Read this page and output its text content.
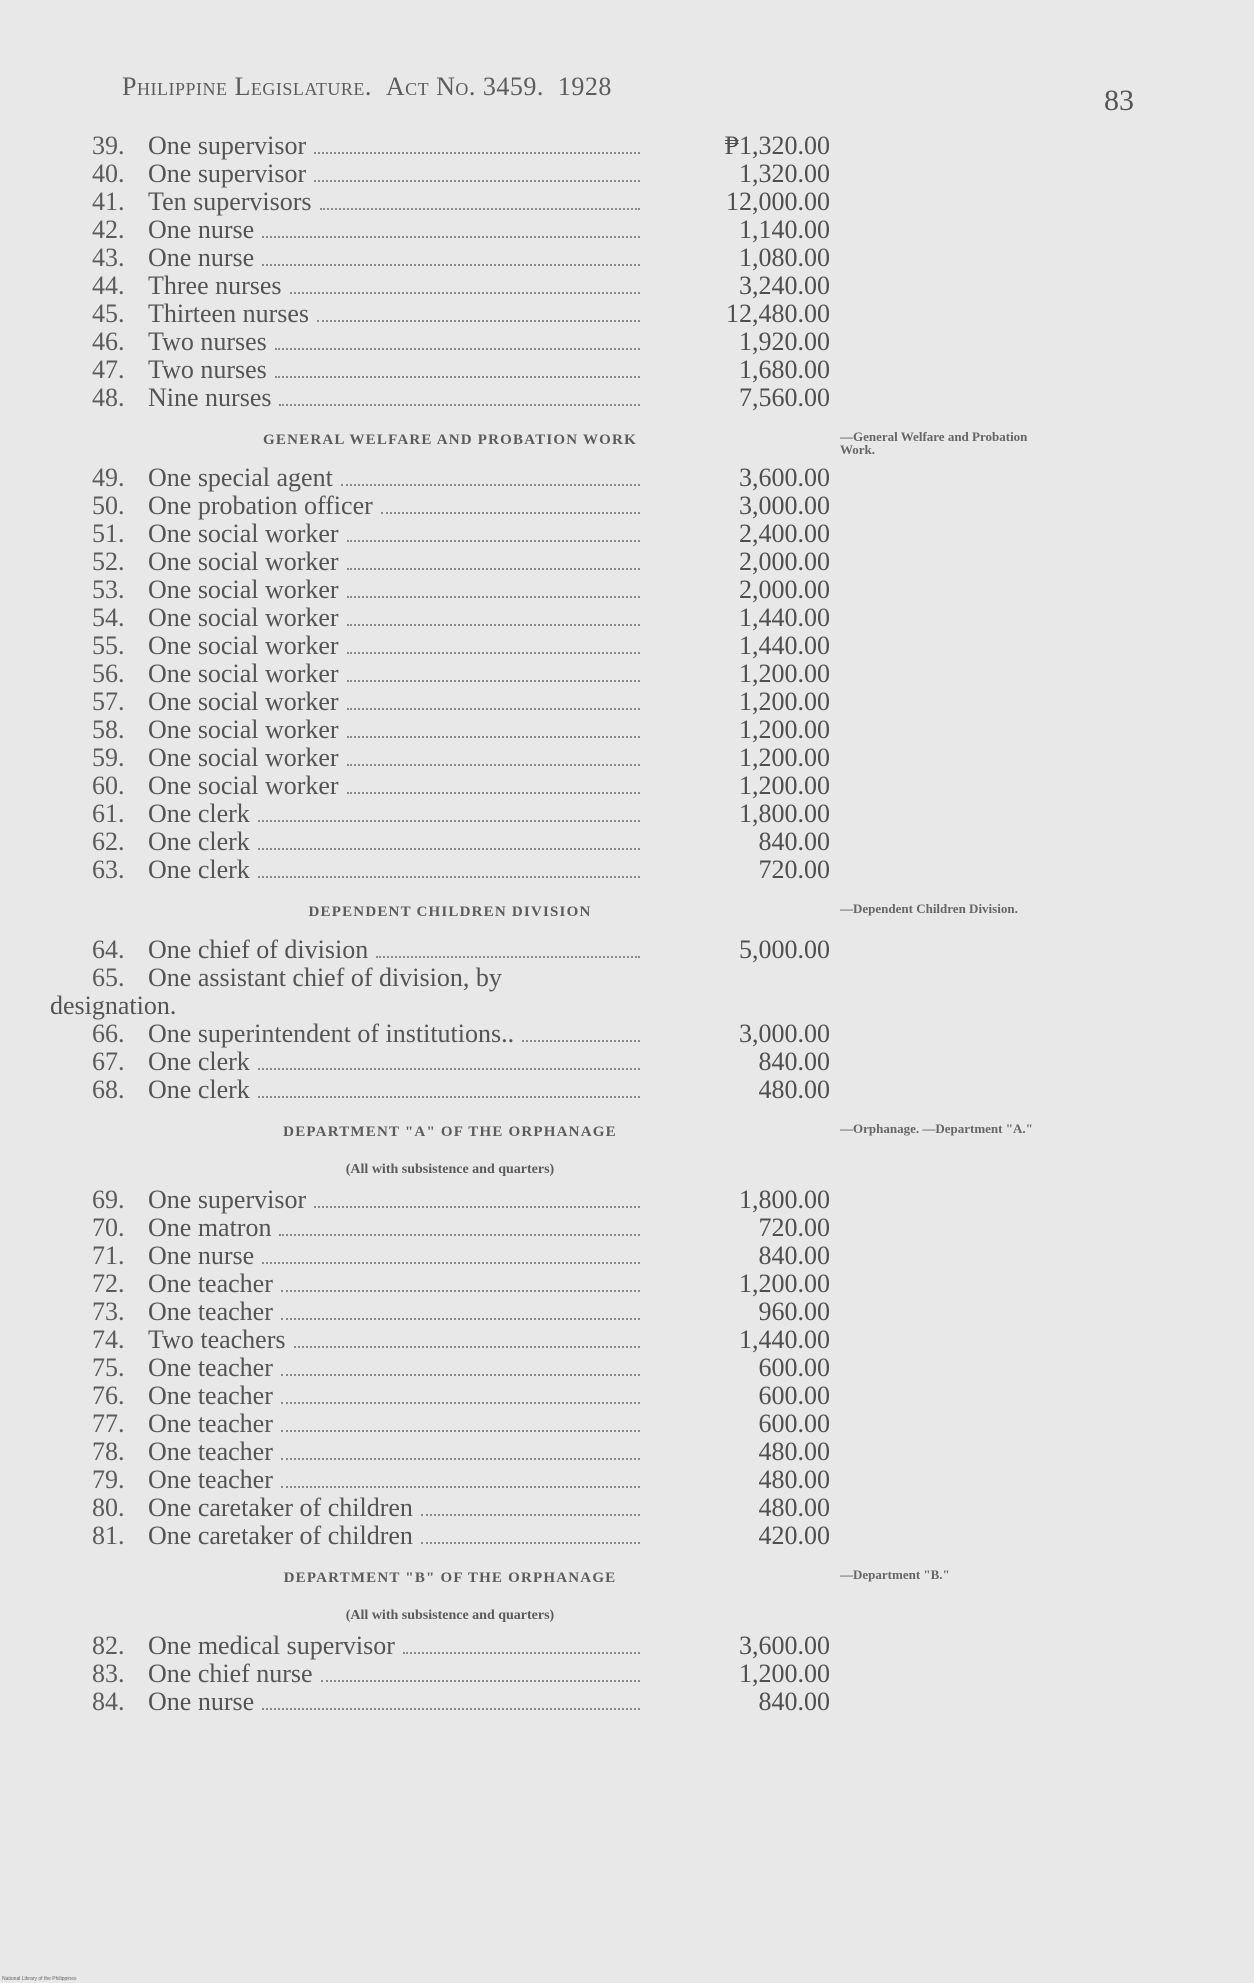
Philippine Legislature. Act No. 3459. 1928	83
39. One supervisor	₱1,320.00
40. One supervisor	1,320.00
41. Ten supervisors	12,000.00
42. One nurse	1,140.00
43. One nurse	1,080.00
44. Three nurses	3,240.00
45. Thirteen nurses	12,480.00
46. Two nurses	1,920.00
47. Two nurses	1,680.00
48. Nine nurses	7,560.00
GENERAL WELFARE AND PROBATION WORK	—General Welfare and Probation Work.
49. One special agent	3,600.00
50. One probation officer	3,000.00
51. One social worker	2,400.00
52. One social worker	2,000.00
53. One social worker	2,000.00
54. One social worker	1,440.00
55. One social worker	1,440.00
56. One social worker	1,200.00
57. One social worker	1,200.00
58. One social worker	1,200.00
59. One social worker	1,200.00
60. One social worker	1,200.00
61. One clerk	1,800.00
62. One clerk	840.00
63. One clerk	720.00
DEPENDENT CHILDREN DIVISION	—Dependent Children Division.
64. One chief of division	5,000.00
65. One assistant chief of division, by
designation.
66. One superintendent of institutions..	3,000.00
67. One clerk	840.00
68. One clerk	480.00
DEPARTMENT "A" OF THE ORPHANAGE	—Orphanage. —Department "A."
(All with subsistence and quarters)
69. One supervisor	1,800.00
70. One matron	720.00
71. One nurse	840.00
72. One teacher	1,200.00
73. One teacher	960.00
74. Two teachers	1,440.00
75. One teacher	600.00
76. One teacher	600.00
77. One teacher	600.00
78. One teacher	480.00
79. One teacher	480.00
80. One caretaker of children	480.00
81. One caretaker of children	420.00
DEPARTMENT "B" OF THE ORPHANAGE	—Department "B."
(All with subsistence and quarters)
82. One medical supervisor	3,600.00
83. One chief nurse	1,200.00
84. One nurse	840.00
National Library of the Philippines
